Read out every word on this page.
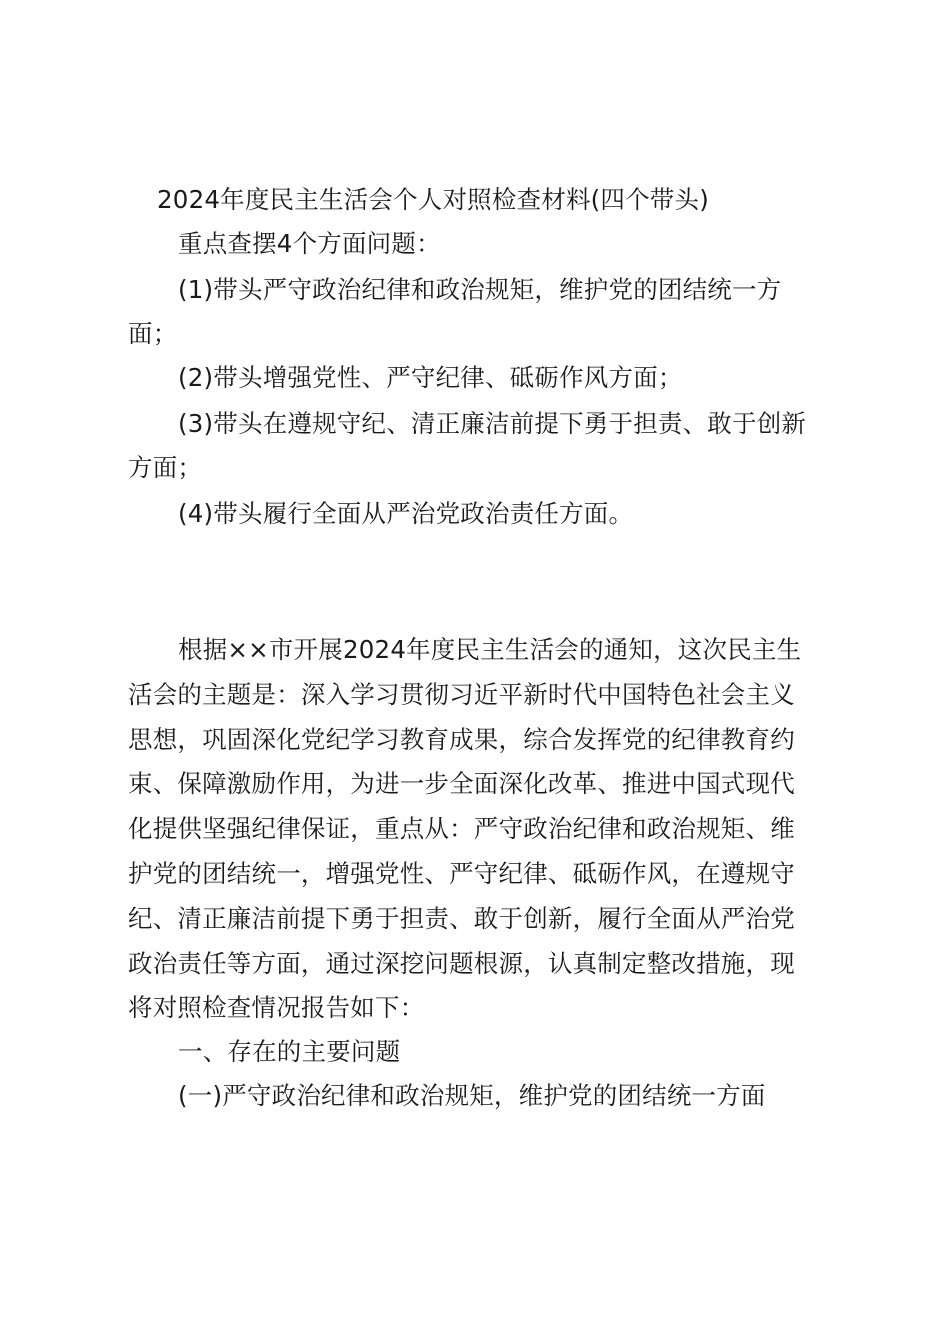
2024年度民主生活会个人对照检查材料(四个带头)
重点查摆4个方面问题：
(1)带头严守政治纪律和政治规矩，维护党的团结统一方
面；
(2)带头增强党性、严守纪律、砥砺作风方面；
(3)带头在遵规守纪、清正廉洁前提下勇于担责、敢于创新
方面；
(4)带头履行全面从严治党政治责任方面。
根据××市开展2024年度民主生活会的通知，这次民主生
活会的主题是：深入学习贯彻习近平新时代中国特色社会主义
思想，巩固深化党纪学习教育成果，综合发挥党的纪律教育约
束、保障激励作用，为进一步全面深化改革、推进中国式现代
化提供坚强纪律保证，重点从：严守政治纪律和政治规矩、维
护党的团结统一，增强党性、严守纪律、砥砺作风，在遵规守
纪、清正廉洁前提下勇于担责、敢于创新，履行全面从严治党
政治责任等方面，通过深挖问题根源，认真制定整改措施，现
将对照检查情况报告如下：
一、存在的主要问题
(一)严守政治纪律和政治规矩，维护党的团结统一方面
